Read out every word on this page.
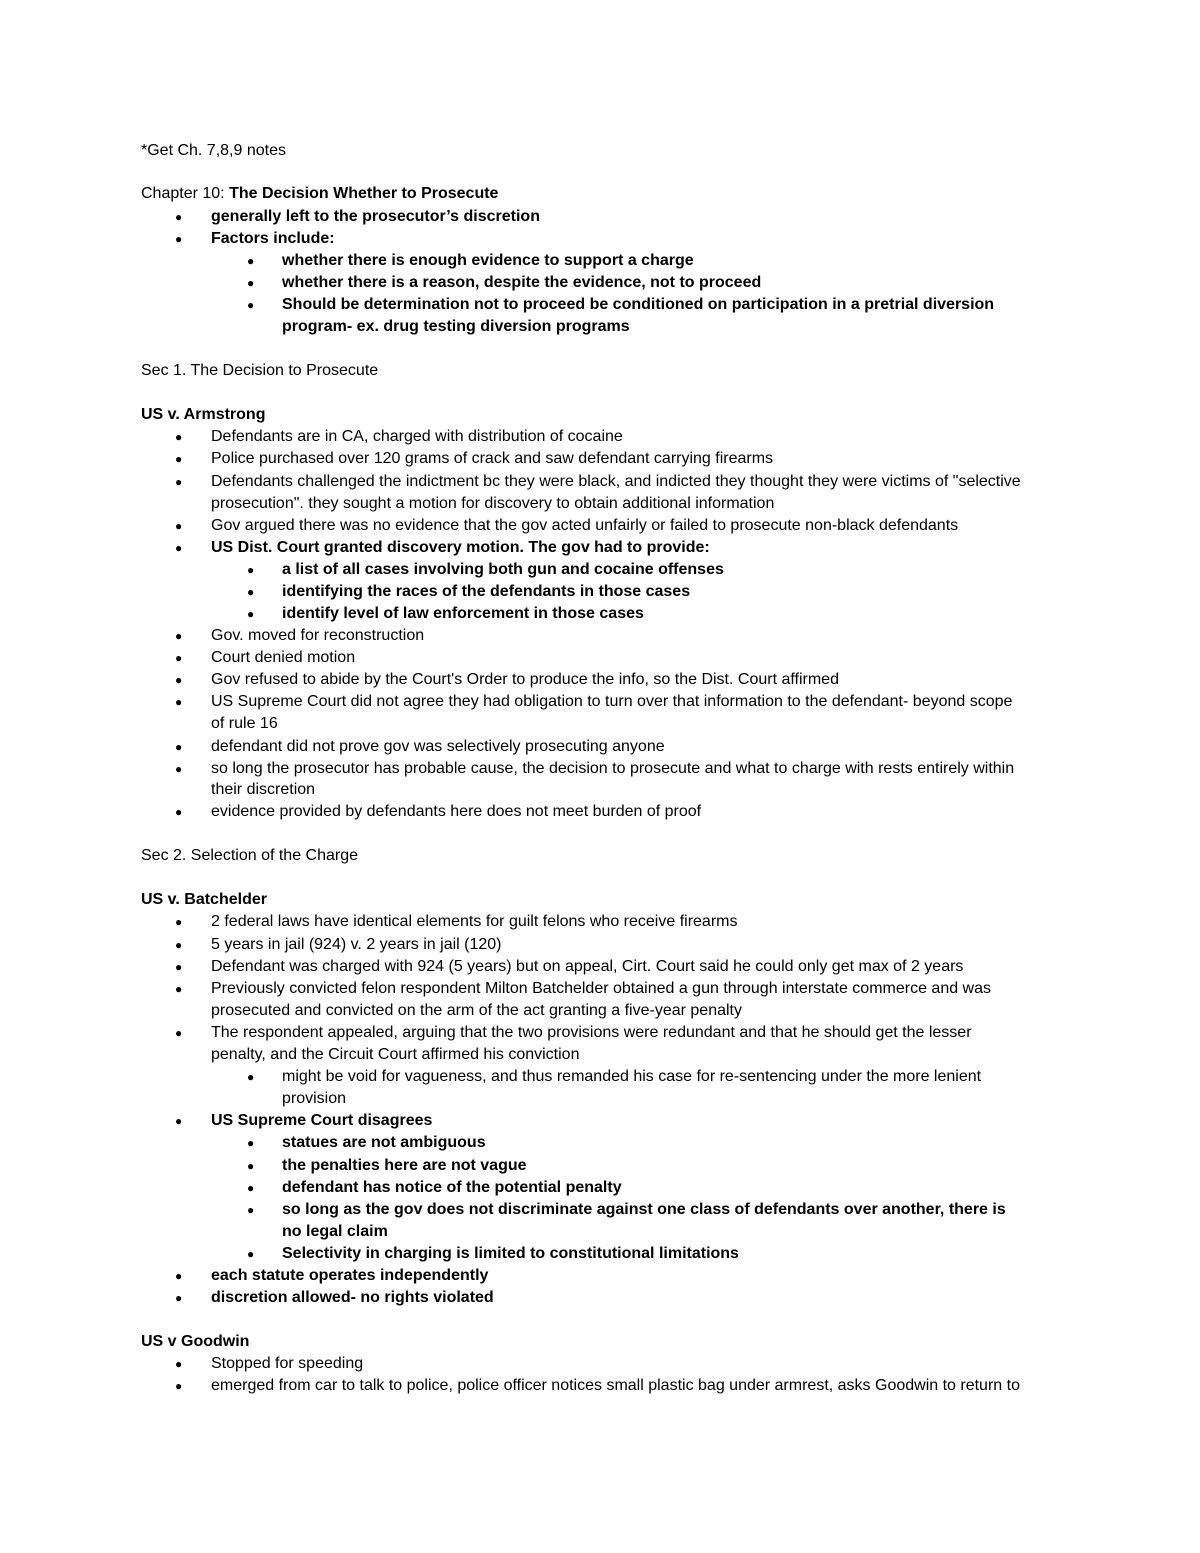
*Get Ch. 7,8,9 notes
Chapter 10: The Decision Whether to Prosecute
● generally left to the prosecutor’s discretion
● Factors include:
● whether there is enough evidence to support a charge
● whether there is a reason, despite the evidence, not to proceed
● Should be determination not to proceed be conditioned on participation in a pretrial diversion
program- ex. drug testing diversion programs
Sec 1. The Decision to Prosecute
US v. Armstrong
● Defendants are in CA, charged with distribution of cocaine
● Police purchased over 120 grams of crack and saw defendant carrying firearms
● Defendants challenged the indictment bc they were black, and indicted they thought they were victims of "selective
prosecution". they sought a motion for discovery to obtain additional information
● Gov argued there was no evidence that the gov acted unfairly or failed to prosecute non-black defendants
● US Dist. Court granted discovery motion. The gov had to provide:
● a list of all cases involving both gun and cocaine offenses
● identifying the races of the defendants in those cases
● identify level of law enforcement in those cases
● Gov. moved for reconstruction
● Court denied motion
● Gov refused to abide by the Court's Order to produce the info, so the Dist. Court affirmed
● US Supreme Court did not agree they had obligation to turn over that information to the defendant- beyond scope
of rule 16
● defendant did not prove gov was selectively prosecuting anyone
● so long the prosecutor has probable cause, the decision to prosecute and what to charge with rests entirely within
their discretion
● evidence provided by defendants here does not meet burden of proof
Sec 2. Selection of the Charge
US v. Batchelder
● 2 federal laws have identical elements for guilt felons who receive firearms
● 5 years in jail (924) v. 2 years in jail (120)
● Defendant was charged with 924 (5 years) but on appeal, Cirt. Court said he could only get max of 2 years
● Previously convicted felon respondent Milton Batchelder obtained a gun through interstate commerce and was
prosecuted and convicted on the arm of the act granting a five-year penalty
● The respondent appealed, arguing that the two provisions were redundant and that he should get the lesser
penalty, and the Circuit Court affirmed his conviction
● might be void for vagueness, and thus remanded his case for re-sentencing under the more lenient
provision
● US Supreme Court disagrees
● statues are not ambiguous
● the penalties here are not vague
● defendant has notice of the potential penalty
● so long as the gov does not discriminate against one class of defendants over another, there is
no legal claim
● Selectivity in charging is limited to constitutional limitations
● each statute operates independently
● discretion allowed- no rights violated
US v Goodwin
● Stopped for speeding
● emerged from car to talk to police, police officer notices small plastic bag under armrest, asks Goodwin to return to
